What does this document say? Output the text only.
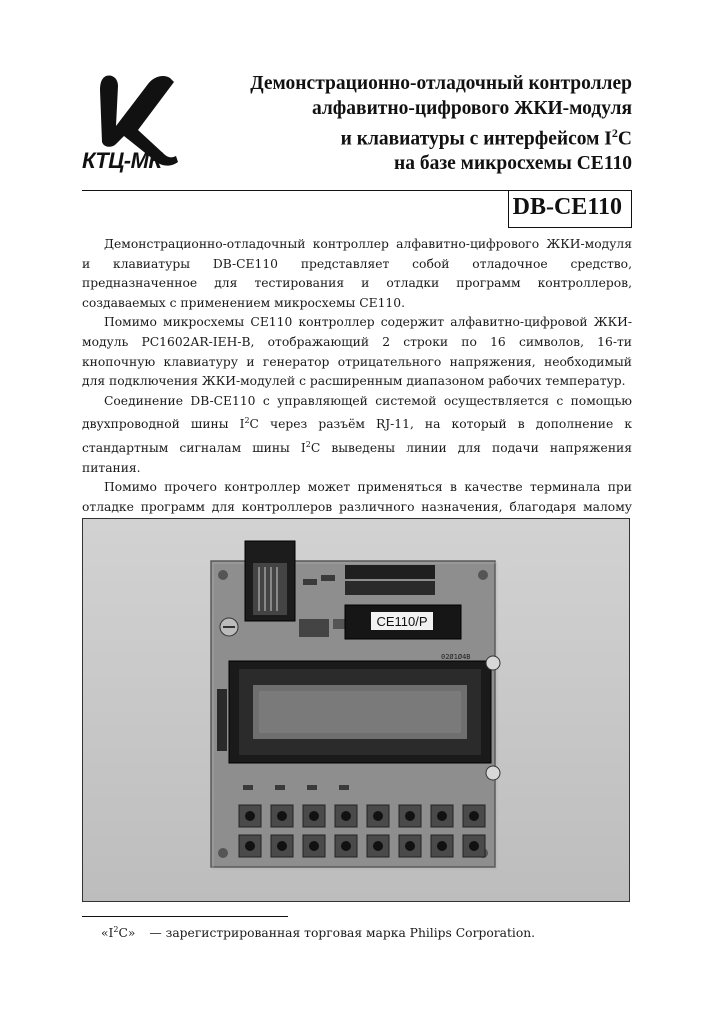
КТЦ-МК
Демонстрационно-отладочный контроллер
алфавитно-цифрового ЖКИ-модуля
и клавиатуры с интерфейсом $I^2C$
на базе микросхемы CE110
DB-CE110

Демонстрационно-отладочный контроллер алфавитно-цифрового ЖКИ-модуля и клавиатуры DB-CE110 представляет собой отладочное средство, предназначенное для тестирования и отладки программ контроллеров, создаваемых с применением микросхемы CE110.

Помимо микросхемы CE110 контроллер содержит алфавитно-цифровой ЖКИ-модуль PC1602AR-IEH-B, отображающий 2 строки по 16 символов, 16-ти кнопочную клавиатуру и генератор отрицательного напряжения, необходимый для подключения ЖКИ-модулей с расширенным диапазоном рабочих температур.

Соединение DB-CE110 с управляющей системой осуществляется с помощью двухпроводной шины $I^2C$ через разъём RJ-11, на который в дополнение к стандартным сигналам шины $I^2C$ выведены линии для подачи напряжения питания.

Помимо прочего контроллер может применяться в качестве терминала при отладке программ для контроллеров различного назначения, благодаря малому

CE110/P
02Ø1Ø4B
«$I^2C$» — зарегистрированная торговая марка Philips Corporation.
